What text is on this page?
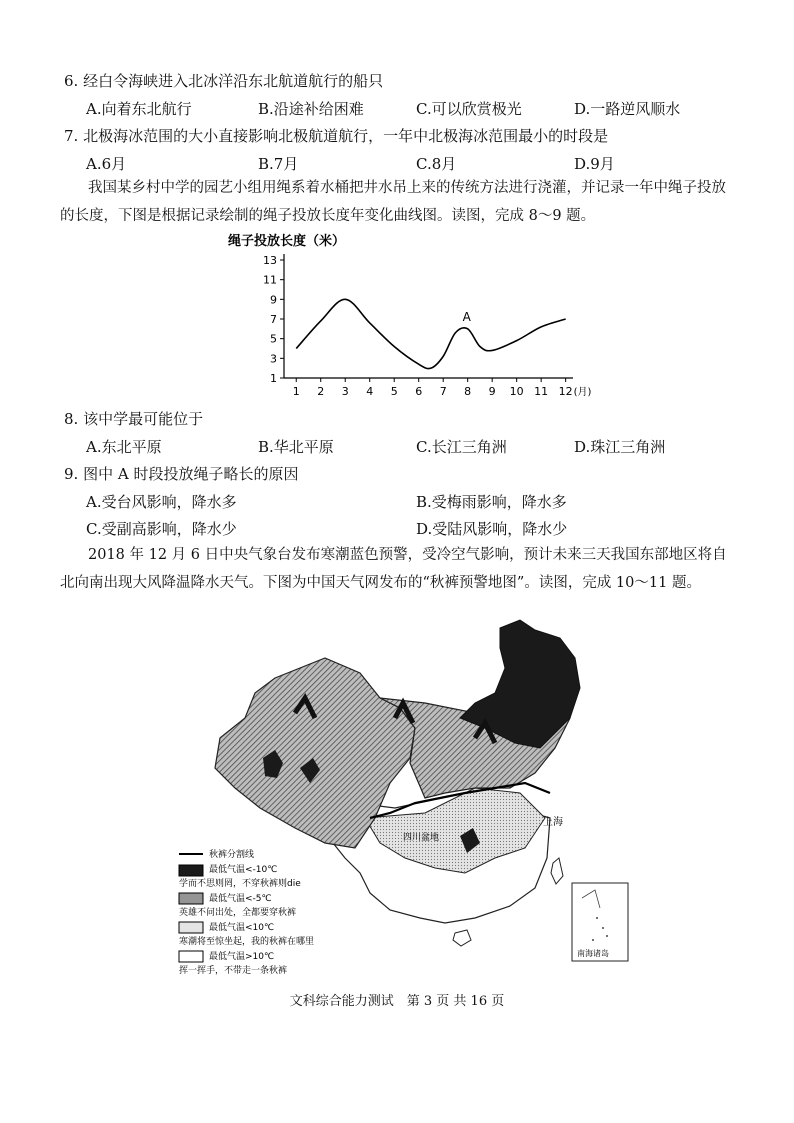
6. 经白令海峡进入北冰洋沿东北航道航行的船只
A.向着东北航行	B.沿途补给困难	C.可以欣赏极光	D.一路逆风顺水
7. 北极海冰范围的大小直接影响北极航道航行，一年中北极海冰范围最小的时段是
A.6月	B.7月	C.8月	D.9月
我国某乡村中学的园艺小组用绳系着水桶把井水吊上来的传统方法进行浇灌，并记录一年中绳子投放的长度，下图是根据记录绘制的绳子投放长度年变化曲线图。读图，完成 8～9 题。
绳子投放长度（米）
1
3
5
7
9
11
13
1 2 3 4 5 6 7 8 9 10 11 12 (月)
A
8. 该中学最可能位于
A.东北平原	B.华北平原	C.长江三角洲	D.珠江三角洲
9. 图中 A 时段投放绳子略长的原因
A.受台风影响，降水多	B.受梅雨影响，降水多
C.受副高影响，降水少	D.受陆风影响，降水少
2018 年 12 月 6 日中央气象台发布寒潮蓝色预警，受冷空气影响，预计未来三天我国东部地区将自北向南出现大风降温降水天气。下图为中国天气网发布的“秋裤预警地图”。读图，完成 10～11 题。
上海
四川盆地
南海诸岛
秋裤分割线
最低气温<-10℃
学而不思则罔，不穿秋裤则die
最低气温<-5℃
英雄不问出处，全都要穿秋裤
最低气温<10℃
寒潮将至惊坐起，我的秋裤在哪里
最低气温>10℃
挥一挥手，不带走一条秋裤
文科综合能力测试　第 3 页 共 16 页
